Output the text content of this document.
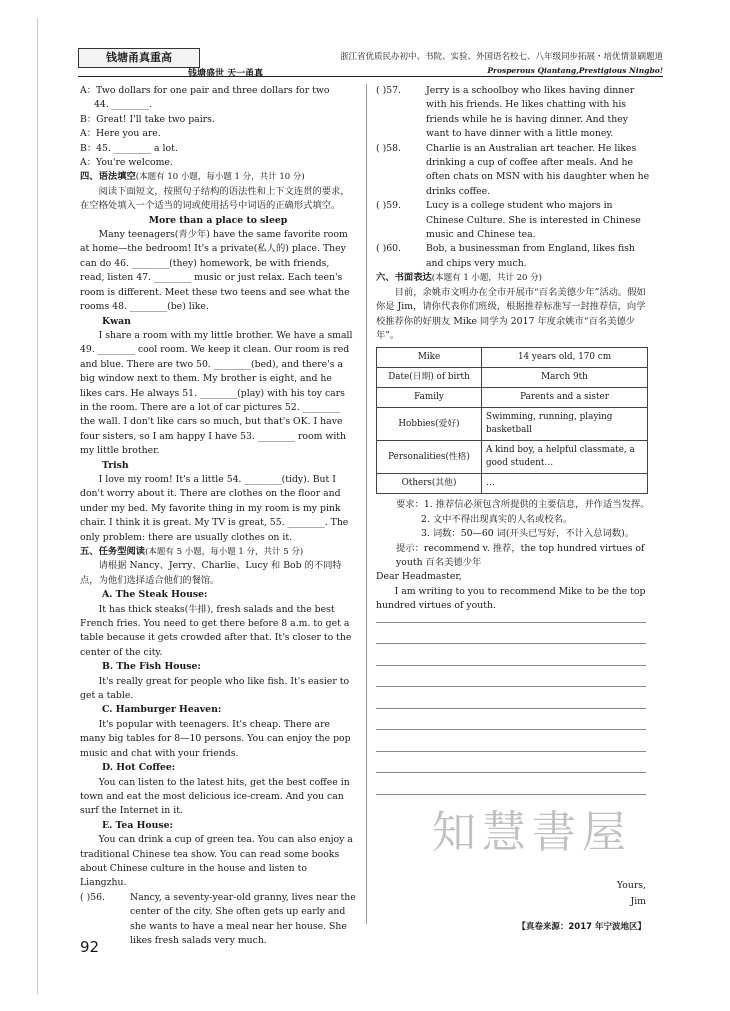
钱塘甬真重高
钱塘盛世 天一甬真
浙江省优质民办初中、书院、实验、外国语名校七、八年级同步拓展・培优情景刷题道
Prosperous Qiantang,Prestigious Ningbo!

A：Two dollars for one pair and three dollars for two

44. ________.

B：Great! I'll take two pairs.

A：Here you are.

B：45. ________ a lot.

A：You're welcome.

四、语法填空(本题有 10 小题，每小题 1 分，共计 10 分)

阅读下面短文，按照句子结构的语法性和上下文连贯的要求，在空格处填入一个适当的词或使用括号中词语的正确形式填空。

More than a place to sleep

Many teenagers(青少年) have the same favorite room at home—the bedroom! It's a private(私人的) place. They can do 46. ________(they) homework, be with friends, read, listen 47. ________ music or just relax. Each teen's room is different. Meet these two teens and see what the rooms 48. ________(be) like.

Kwan

I share a room with my little brother. We have a small 49. ________ cool room. We keep it clean. Our room is red and blue. There are two 50. ________(bed), and there's a big window next to them. My brother is eight, and he likes cars. He always 51. ________(play) with his toy cars in the room. There are a lot of car pictures 52. ________ the wall. I don't like cars so much, but that's OK. I have four sisters, so I am happy I have 53. ________ room with my little brother.

Trish

I love my room! It's a little 54. ________(tidy). But I don't worry about it. There are clothes on the floor and under my bed. My favorite thing in my room is my pink chair. I think it is great. My TV is great, 55. ________. The only problem: there are usually clothes on it.

五、任务型阅读(本题有 5 小题，每小题 1 分，共计 5 分)

请根据 Nancy、Jerry、Charlie、Lucy 和 Bob 的不同特点，为他们选择适合他们的餐馆。

A. The Steak House:

It has thick steaks(牛排), fresh salads and the best French fries. You need to get there before 8 a.m. to get a table because it gets crowded after that. It's closer to the center of the city.

B. The Fish House:

It's really great for people who like fish. It's easier to get a table.

C. Hamburger Heaven:

It's popular with teenagers. It's cheap. There are many big tables for 8—10 persons. You can enjoy the pop music and chat with your friends.

D. Hot Coffee:

You can listen to the latest hits, get the best coffee in town and eat the most delicious ice-cream. And you can surf the Internet in it.

E. Tea House:

You can drink a cup of green tea. You can also enjoy a traditional Chinese tea show. You can read some books about Chinese culture in the house and listen to Liangzhu.

( )56.	Nancy, a seventy-year-old granny, lives near the center of the city. She often gets up early and she wants to have a meal near her house. She likes fresh salads very much.
( )57.	Jerry is a schoolboy who likes having dinner with his friends. He likes chatting with his friends while he is having dinner. And they want to have dinner with a little money.
( )58.	Charlie is an Australian art teacher. He likes drinking a cup of coffee after meals. And he often chats on MSN with his daughter when he drinks coffee.
( )59.	Lucy is a college student who majors in Chinese Culture. She is interested in Chinese music and Chinese tea.
( )60.	Bob, a businessman from England, likes fish and chips very much.

六、书面表达(本题有 1 小题，共计 20 分)

目前，余姚市文明办在全市开展市“百名美德少年”活动。假如你是 Jim，请你代表你们班级，根据推荐标准写一封推荐信，向学校推荐你的好朋友 Mike 同学为 2017 年度余姚市“百名美德少年”。

Mike	14 years old, 170 cm
Date(日期) of birth	March 9th
Family	Parents and a sister
Hobbies(爱好)	Swimming, running, playing basketball
Personalities(性格)	A kind boy, a helpful classmate, a good student…
Others(其他)	…

要求：1. 推荐信必须包含所提供的主要信息，并作适当发挥。

2. 文中不得出现真实的人名或校名。

3. 词数：50—60 词(开头已写好，不计入总词数)。

提示：recommend v. 推荐，the top hundred virtues of youth 百名美德少年

Dear Headmaster,

I am writing to you to recommend Mike to be the top hundred virtues of youth.

知慧書屋
Yours,
Jim
【真卷来源：2017 年宁波地区】
92
